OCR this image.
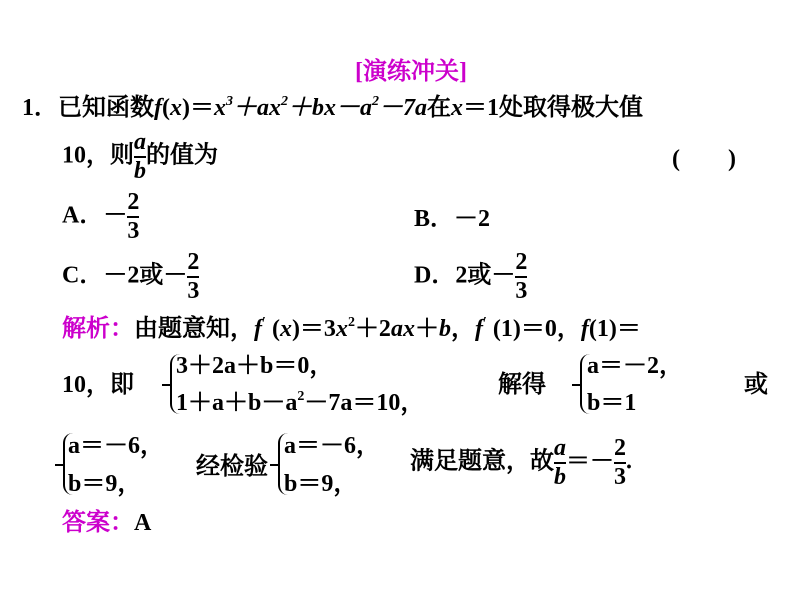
[演练冲关]
1．已知函数$f(x)=x^3+ax^2+bx-a^2-7a$在x＝1处取得极大值
10，则 $\frac{a}{b}$ 的值为	(　　)
A．－ $\frac{2}{3}$	B．－2
C．－2或－ $\frac{2}{3}$	D．2或－ $\frac{2}{3}$
解析：由题意知，f′ $(x)=3x^2+2ax+b$，f′ (1)＝0，f(1)＝
10，即
3＋2a＋b＝0，
$1+a+b-a^2-7a=10$，
解得
a＝－2，
b＝1
或
a＝－6，
b＝9，
经检验
a＝－6，
b＝9，
满足题意，故 $\frac{a}{b} =- \frac{2}{3}$ .
答案：A
